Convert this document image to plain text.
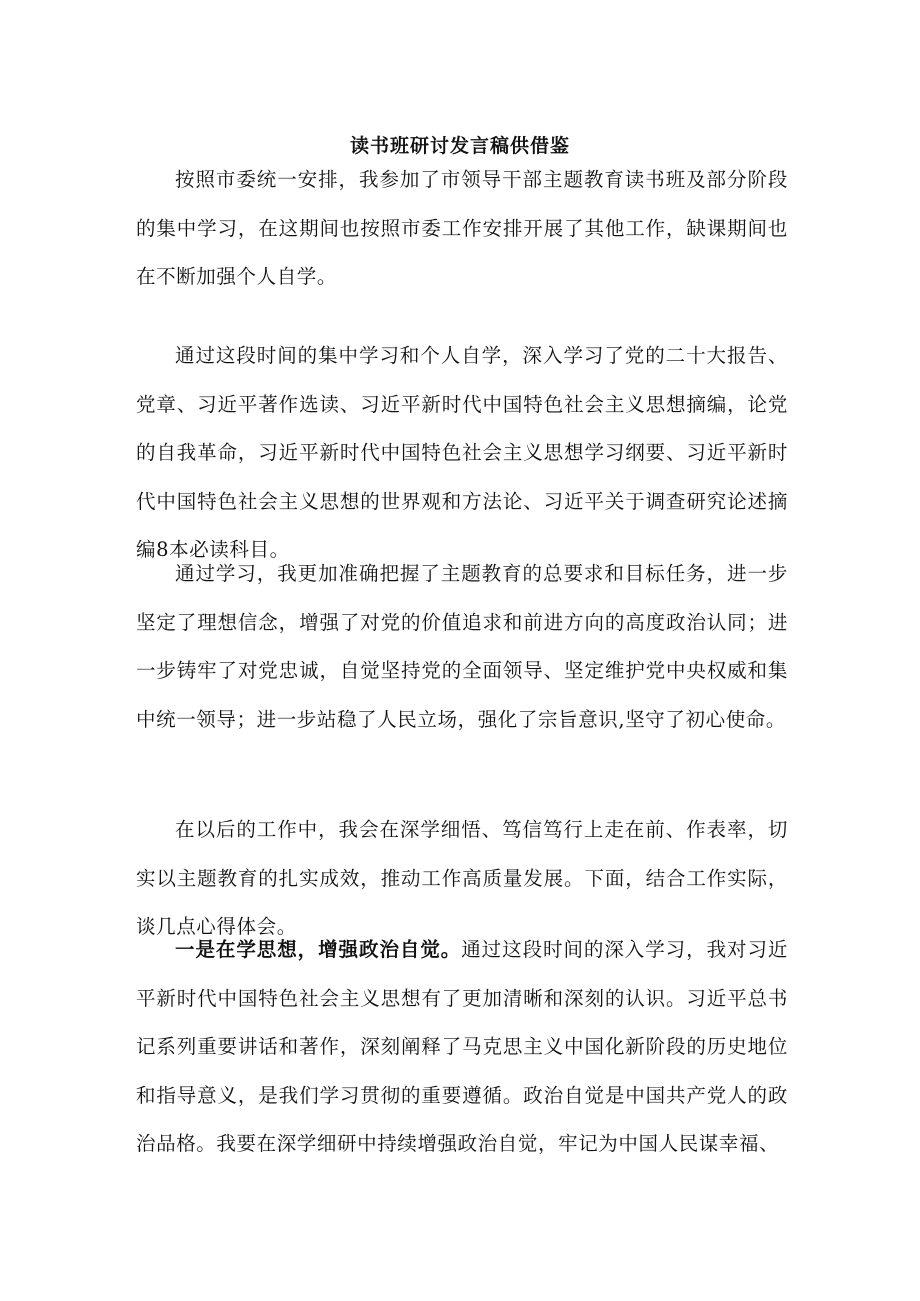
读书班研讨发言稿供借鉴

按照市委统一安排，我参加了市领导干部主题教育读书班及部分阶段的集中学习，在这期间也按照市委工作安排开展了其他工作，缺课期间也在不断加强个人自学。

通过这段时间的集中学习和个人自学，深入学习了党的二十大报告、党章、习近平著作选读、习近平新时代中国特色社会主义思想摘编，论党的自我革命，习近平新时代中国特色社会主义思想学习纲要、习近平新时代中国特色社会主义思想的世界观和方法论、习近平关于调查研究论述摘编8本必读科目。

通过学习，我更加准确把握了主题教育的总要求和目标任务，进一步坚定了理想信念，增强了对党的价值追求和前进方向的高度政治认同；进一步铸牢了对党忠诚，自觉坚持党的全面领导、坚定维护党中央权威和集中统一领导；进一步站稳了人民立场，强化了宗旨意识,坚守了初心使命。

在以后的工作中，我会在深学细悟、笃信笃行上走在前、作表率，切实以主题教育的扎实成效，推动工作高质量发展。下面，结合工作实际，谈几点心得体会。

一是在学思想，增强政治自觉。通过这段时间的深入学习，我对习近平新时代中国特色社会主义思想有了更加清晰和深刻的认识。习近平总书记系列重要讲话和著作，深刻阐释了马克思主义中国化新阶段的历史地位和指导意义，是我们学习贯彻的重要遵循。政治自觉是中国共产党人的政治品格。我要在深学细研中持续增强政治自觉，牢记为中国人民谋幸福、
